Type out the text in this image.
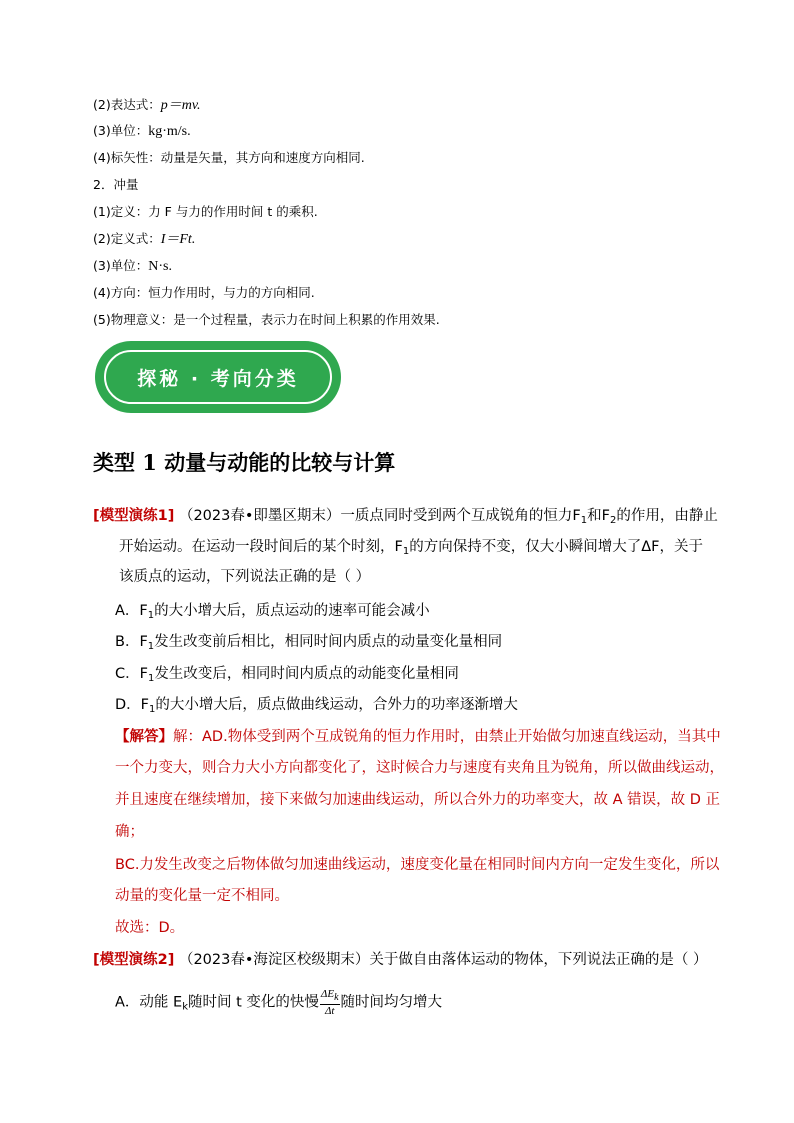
(2)表达式：p＝mv.
(3)单位：kg·m/s.
(4)标矢性：动量是矢量，其方向和速度方向相同.
2．冲量
(1)定义：力 F 与力的作用时间 t 的乘积.
(2)定义式：I＝Ft.
(3)单位：N·s.
(4)方向：恒力作用时，与力的方向相同.
(5)物理意义：是一个过程量，表示力在时间上积累的作用效果.
探秘 · 考向分类
类型 1 动量与动能的比较与计算
[模型演练1] （2023春•即墨区期末）一质点同时受到两个互成锐角的恒力$F_1$和$F_2$的作用，由静止
开始运动。在运动一段时间后的某个时刻，$F_1$的方向保持不变，仅大小瞬间增大了ΔF，关于
该质点的运动，下列说法正确的是（ ）
A．$F_1$的大小增大后，质点运动的速率可能会减小
B．$F_1$发生改变前后相比，相同时间内质点的动量变化量相同
C．$F_1$发生改变后，相同时间内质点的动能变化量相同
D．$F_1$的大小增大后，质点做曲线运动，合外力的功率逐渐增大
【解答】解：AD.物体受到两个互成锐角的恒力作用时，由禁止开始做匀加速直线运动，当其中
一个力变大，则合力大小方向都变化了，这时候合力与速度有夹角且为锐角，所以做曲线运动，
并且速度在继续增加，接下来做匀加速曲线运动，所以合外力的功率变大，故 A 错误，故 D 正
确；
BC.力发生改变之后物体做匀加速曲线运动，速度变化量在相同时间内方向一定发生变化，所以
动量的变化量一定不相同。
故选：D。
[模型演练2] （2023春•海淀区校级期末）关于做自由落体运动的物体，下列说法正确的是（ ）
A．动能 $E_k$随时间 t 变化的快慢 $\frac{\Delta E_k}{\Delta t}$ 随时间均匀增大
